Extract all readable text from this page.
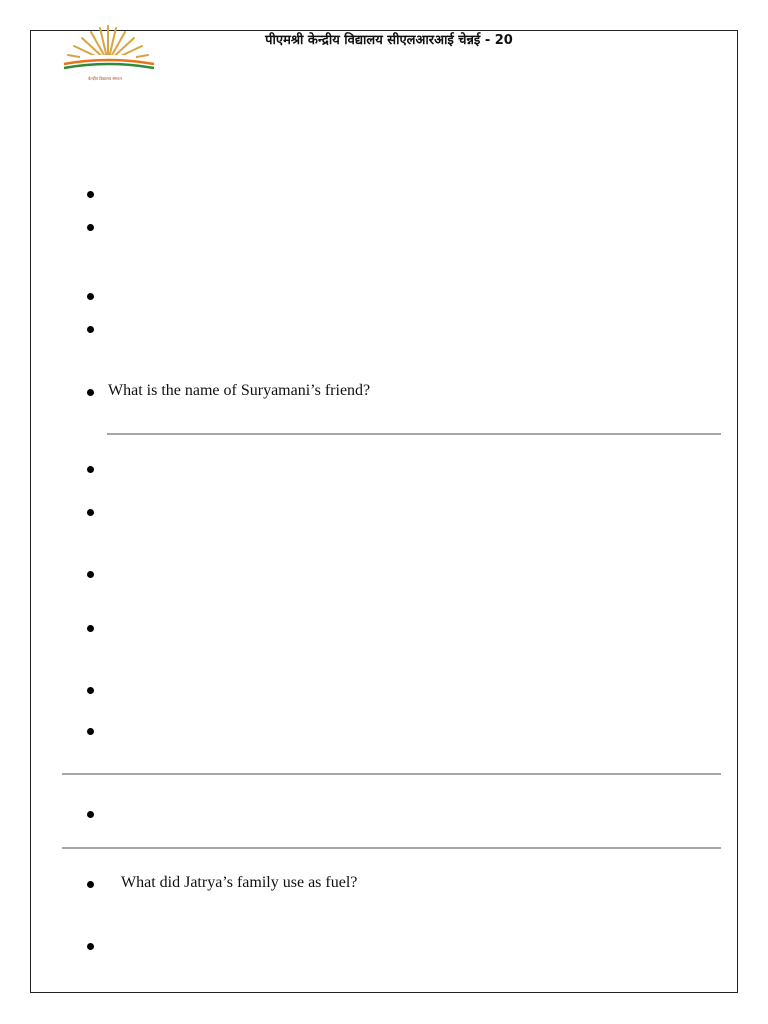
केन्द्रीय विद्यालय संगठन
पीएमश्री केन्द्रीय विद्यालय सीएलआरआई चेन्नई - 20
What is the name of Suryamani’s friend?
What did Jatrya’s family use as fuel?
